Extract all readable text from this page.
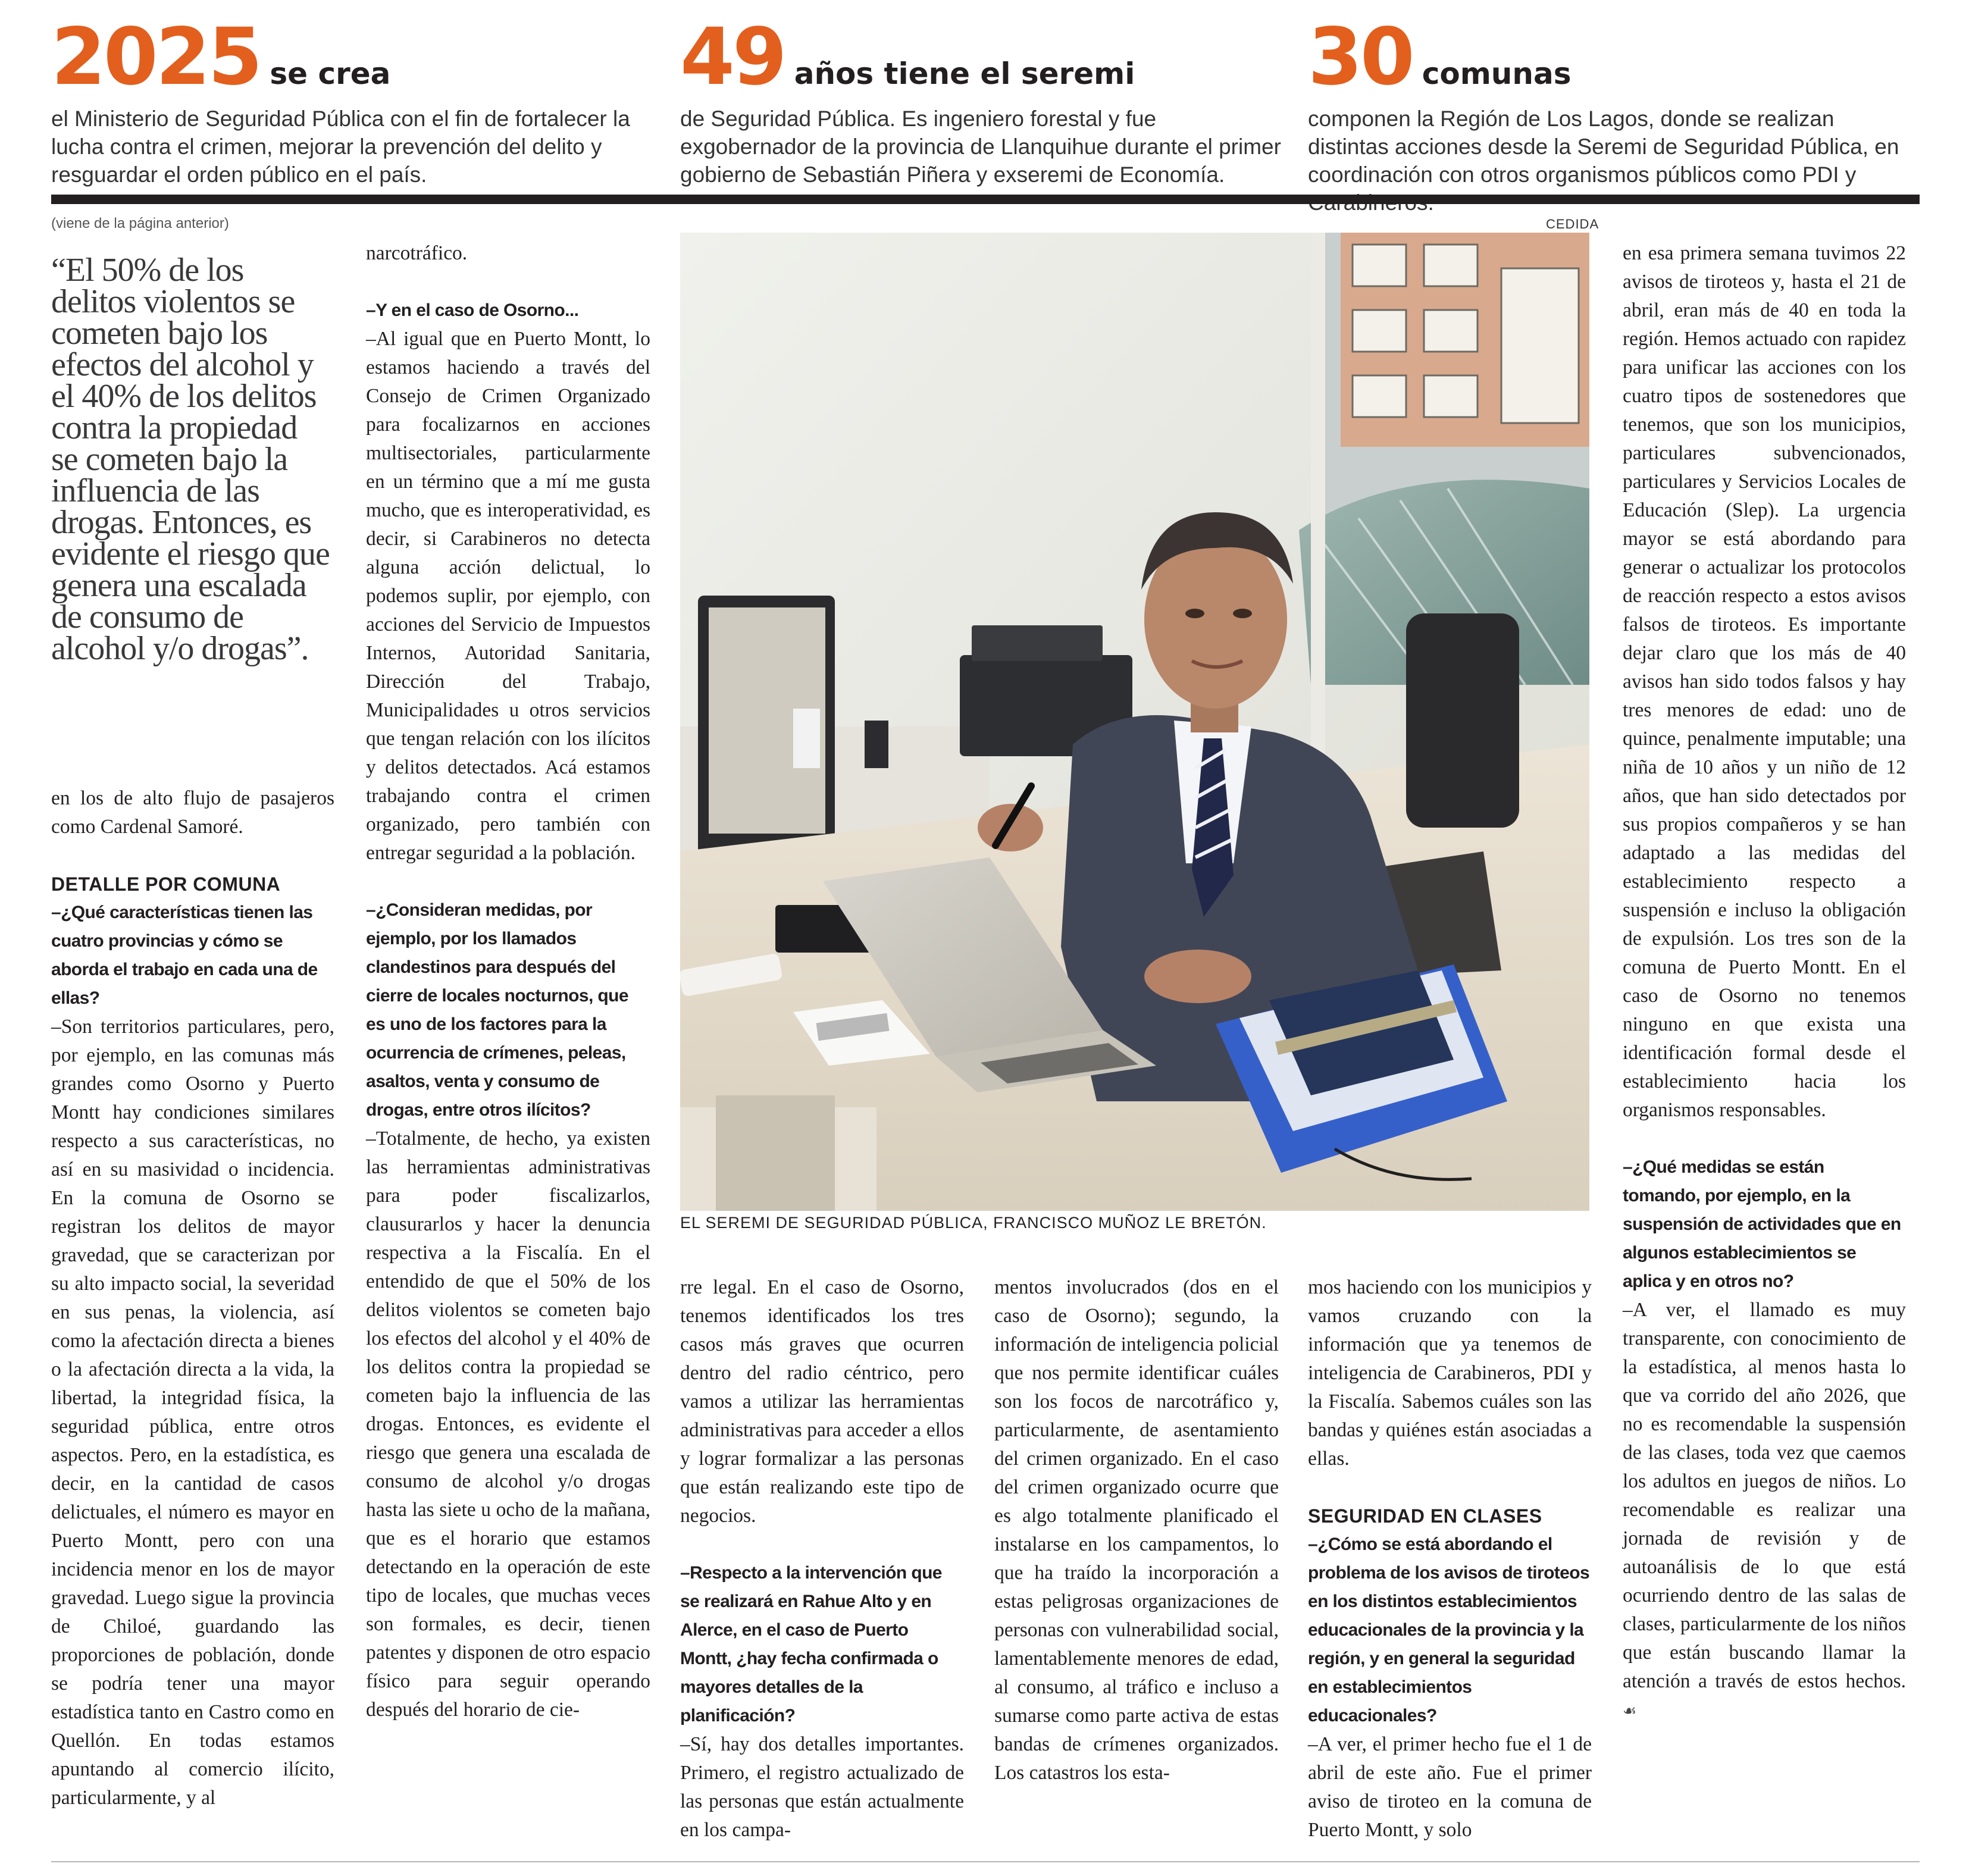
2025 se crea
el Ministerio de Seguridad Pública con el fin de fortalecer la lucha contra el crimen, mejorar la prevención del delito y resguardar el orden público en el país.
49 años tiene el seremi
de Seguridad Pública. Es ingeniero forestal y fue exgobernador de la provincia de Llanquihue durante el primer gobierno de Sebastián Piñera y exseremi de Economía.
30 comunas
componen la Región de Los Lagos, donde se realizan distintas acciones desde la Seremi de Seguridad Pública, en coordinación con otros organismos públicos como PDI y
(viene de la página anterior)
“El 50% de los delitos violentos se cometen bajo los efectos del alcohol y el 40% de los delitos contra la propiedad se cometen bajo la influencia de las drogas. Entonces, es evidente el riesgo que genera una escalada de consumo de alcohol y/o drogas”.

en los de alto flujo de pasajeros como Cardenal Samoré.

DETALLE POR COMUNA

–¿Qué características tienen las cuatro provincias y cómo se aborda el trabajo en cada una de ellas?

–Son territorios particulares, pero, por ejemplo, en las comunas más grandes como Osorno y Puerto Montt hay condiciones similares respecto a sus características, no así en su masividad o incidencia. En la comuna de Osorno se registran los delitos de mayor gravedad, que se caracterizan por su alto impacto social, la severidad en sus penas, la violencia, así como la afectación directa a bienes o la afectación directa a la vida, la libertad, la integridad física, la seguridad pública, entre otros aspectos. Pero, en la estadística, es decir, en la cantidad de casos delictuales, el número es mayor en Puerto Montt, pero con una incidencia menor en los de mayor gravedad. Luego sigue la provincia de Chiloé, guardando las proporciones de población, donde se podría tener una mayor estadística tanto en Castro como en Quellón. En todas estamos apuntando al comercio ilícito, particularmente, y al

narcotráfico.

–Y en el caso de Osorno...

–Al igual que en Puerto Montt, lo estamos haciendo a través del Consejo de Crimen Organizado para focalizarnos en acciones multisectoriales, particularmente en un término que a mí me gusta mucho, que es interoperatividad, es decir, si Carabineros no detecta alguna acción delictual, lo podemos suplir, por ejemplo, con acciones del Servicio de Impuestos Internos, Autoridad Sanitaria, Dirección del Trabajo, Municipalidades u otros servicios que tengan relación con los ilícitos y delitos detectados. Acá estamos trabajando contra el crimen organizado, pero también con entregar seguridad a la población.

–¿Consideran medidas, por ejemplo, por los llamados clandestinos para después del cierre de locales nocturnos, que es uno de los factores para la ocurrencia de crímenes, peleas, asaltos, venta y consumo de drogas, entre otros ilícitos?

–Totalmente, de hecho, ya existen las herramientas administrativas para poder fiscalizarlos, clausurarlos y hacer la denuncia respectiva a la Fiscalía. En el entendido de que el 50% de los delitos violentos se cometen bajo los efectos del alcohol y el 40% de los delitos contra la propiedad se cometen bajo la influencia de las drogas. Entonces, es evidente el riesgo que genera una escalada de consumo de alcohol y/o drogas hasta las siete u ocho de la mañana, que es el horario que estamos detectando en la operación de este tipo de locales, que muchas veces son formales, es decir, tienen patentes y disponen de otro espacio físico para seguir operando después del horario de cie-

CEDIDA
EL SEREMI DE SEGURIDAD PÚBLICA, FRANCISCO MUÑOZ LE BRETÓN.

rre legal. En el caso de Osorno, tenemos identificados los tres casos más graves que ocurren dentro del radio céntrico, pero vamos a utilizar las herramientas administrativas para acceder a ellos y lograr formalizar a las personas que están realizando este tipo de negocios.

–Respecto a la intervención que se realizará en Rahue Alto y en Alerce, en el caso de Puerto Montt, ¿hay fecha confirmada o mayores detalles de la planificación?

–Sí, hay dos detalles importantes. Primero, el registro actualizado de las personas que están actualmente en los campa-

mentos involucrados (dos en el caso de Osorno); segundo, la información de inteligencia policial que nos permite identificar cuáles son los focos de narcotráfico y, particularmente, de asentamiento del crimen organizado. En el caso del crimen organizado ocurre que es algo totalmente planificado el instalarse en los campamentos, lo que ha traído la incorporación a estas peligrosas organizaciones de personas con vulnerabilidad social, lamentablemente menores de edad, al consumo, al tráfico e incluso a sumarse como parte activa de estas bandas de crímenes organizados. Los catastros los esta-

mos haciendo con los municipios y vamos cruzando con la información que ya tenemos de inteligencia de Carabineros, PDI y la Fiscalía. Sabemos cuáles son las bandas y quiénes están asociadas a ellas.

SEGURIDAD EN CLASES

–¿Cómo se está abordando el problema de los avisos de tiroteos en los distintos establecimientos educacionales de la provincia y la región, y en general la seguridad en establecimientos educacionales?

–A ver, el primer hecho fue el 1 de abril de este año. Fue el primer aviso de tiroteo en la comuna de Puerto Montt, y solo

en esa primera semana tuvimos 22 avisos de tiroteos y, hasta el 21 de abril, eran más de 40 en toda la región. Hemos actuado con rapidez para unificar las acciones con los cuatro tipos de sostenedores que tenemos, que son los municipios, particulares subvencionados, particulares y Servicios Locales de Educación (Slep). La urgencia mayor se está abordando para generar o actualizar los protocolos de reacción respecto a estos avisos falsos de tiroteos. Es importante dejar claro que los más de 40 avisos han sido todos falsos y hay tres menores de edad: uno de quince, penalmente imputable; una niña de 10 años y un niño de 12 años, que han sido detectados por sus propios compañeros y se han adaptado a las medidas del establecimiento respecto a suspensión e incluso la obligación de expulsión. Los tres son de la comuna de Puerto Montt. En el caso de Osorno no tenemos ninguno en que exista una identificación formal desde el establecimiento hacia los organismos responsables.

–¿Qué medidas se están tomando, por ejemplo, en la suspensión de actividades que en algunos establecimientos se aplica y en otros no?

–A ver, el llamado es muy transparente, con conocimiento de la estadística, al menos hasta lo que va corrido del año 2026, que no es recomendable la suspensión de las clases, toda vez que caemos los adultos en juegos de niños. Lo recomendable es realizar una jornada de revisión y de autoanálisis de lo que está ocurriendo dentro de las salas de clases, particularmente de los niños que están buscando llamar la atención a través de estos hechos. ☙
